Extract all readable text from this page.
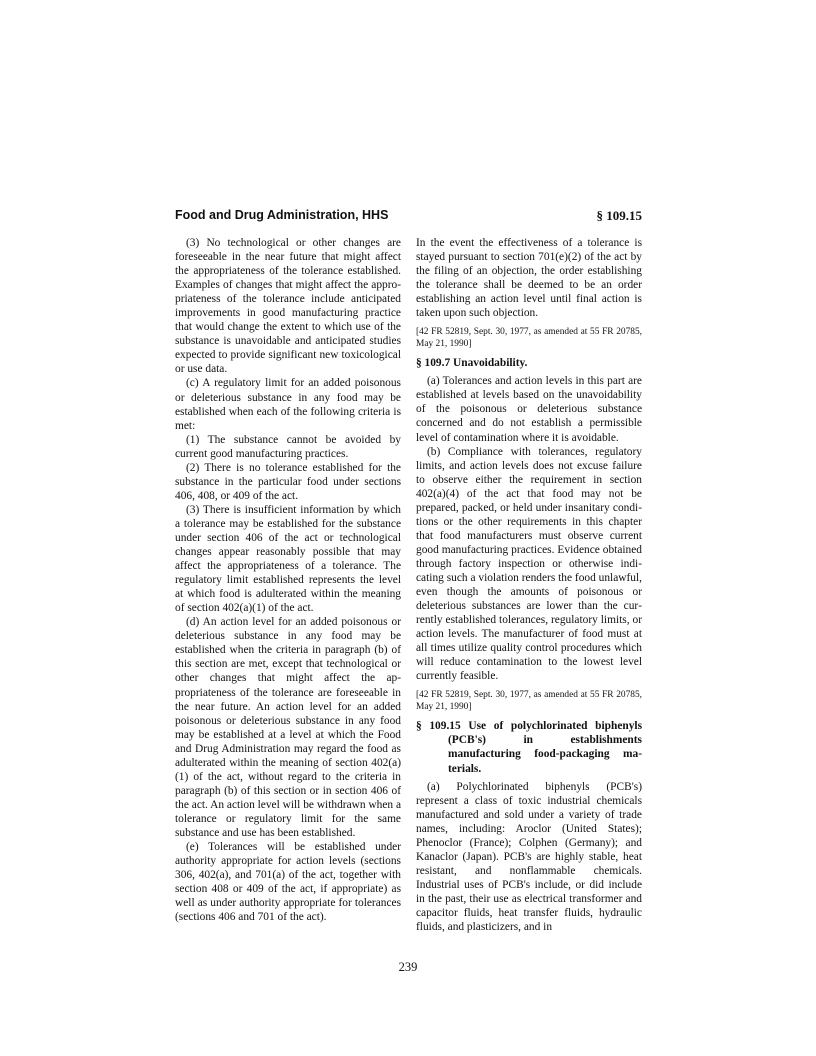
Food and Drug Administration, HHS	§ 109.15

(3) No technological or other changes are foreseeable in the near future that might affect the appropriateness of the tolerance established. Examples of changes that might affect the appropriateness of the tolerance include anticipated improvements in good manufacturing practice that would change the extent to which use of the substance is unavoidable and anticipated studies expected to provide significant new toxicological or use data.

(c) A regulatory limit for an added poisonous or deleterious substance in any food may be established when each of the following criteria is met:

(1) The substance cannot be avoided by current good manufacturing practices.

(2) There is no tolerance established for the substance in the particular food under sections 406, 408, or 409 of the act.

(3) There is insufficient information by which a tolerance may be established for the substance under section 406 of the act or technological changes appear reasonably possible that may affect the appropriateness of a tolerance. The regulatory limit established represents the level at which food is adulterated within the meaning of section 402(a)(1) of the act.

(d) An action level for an added poisonous or deleterious substance in any food may be established when the criteria in paragraph (b) of this section are met, except that technological or other changes that might affect the appropriateness of the tolerance are foreseeable in the near future. An action level for an added poisonous or deleterious substance in any food may be established at a level at which the Food and Drug Administration may regard the food as adulterated within the meaning of section 402(a)(1) of the act, without regard to the criteria in paragraph (b) of this section or in section 406 of the act. An action level will be withdrawn when a tolerance or regulatory limit for the same substance and use has been established.

(e) Tolerances will be established under authority appropriate for action levels (sections 306, 402(a), and 701(a) of the act, together with section 408 or 409 of the act, if appropriate) as well as under authority appropriate for tolerances (sections 406 and 701 of the act).

In the event the effectiveness of a tolerance is stayed pursuant to section 701(e)(2) of the act by the filing of an objection, the order establishing the tolerance shall be deemed to be an order establishing an action level until final action is taken upon such objection.

[42 FR 52819, Sept. 30, 1977, as amended at 55 FR 20785, May 21, 1990]

§ 109.7 Unavoidability.

(a) Tolerances and action levels in this part are established at levels based on the unavoidability of the poisonous or deleterious substance concerned and do not establish a permissible level of contamination where it is avoidable.

(b) Compliance with tolerances, regulatory limits, and action levels does not excuse failure to observe either the requirement in section 402(a)(4) of the act that food may not be prepared, packed, or held under insanitary conditions or the other requirements in this chapter that food manufacturers must observe current good manufacturing practices. Evidence obtained through factory inspection or otherwise indicating such a violation renders the food unlawful, even though the amounts of poisonous or deleterious substances are lower than the currently established tolerances, regulatory limits, or action levels. The manufacturer of food must at all times utilize quality control procedures which will reduce contamination to the lowest level currently feasible.

[42 FR 52819, Sept. 30, 1977, as amended at 55 FR 20785, May 21, 1990]

§ 109.15 Use of polychlorinated biphenyls (PCB's) in establishments manufacturing food-packaging materials.

(a) Polychlorinated biphenyls (PCB's) represent a class of toxic industrial chemicals manufactured and sold under a variety of trade names, including: Aroclor (United States); Phenoclor (France); Colphen (Germany); and Kanaclor (Japan). PCB's are highly stable, heat resistant, and nonflammable chemicals. Industrial uses of PCB's include, or did include in the past, their use as electrical transformer and capacitor fluids, heat transfer fluids, hydraulic fluids, and plasticizers, and in

239
